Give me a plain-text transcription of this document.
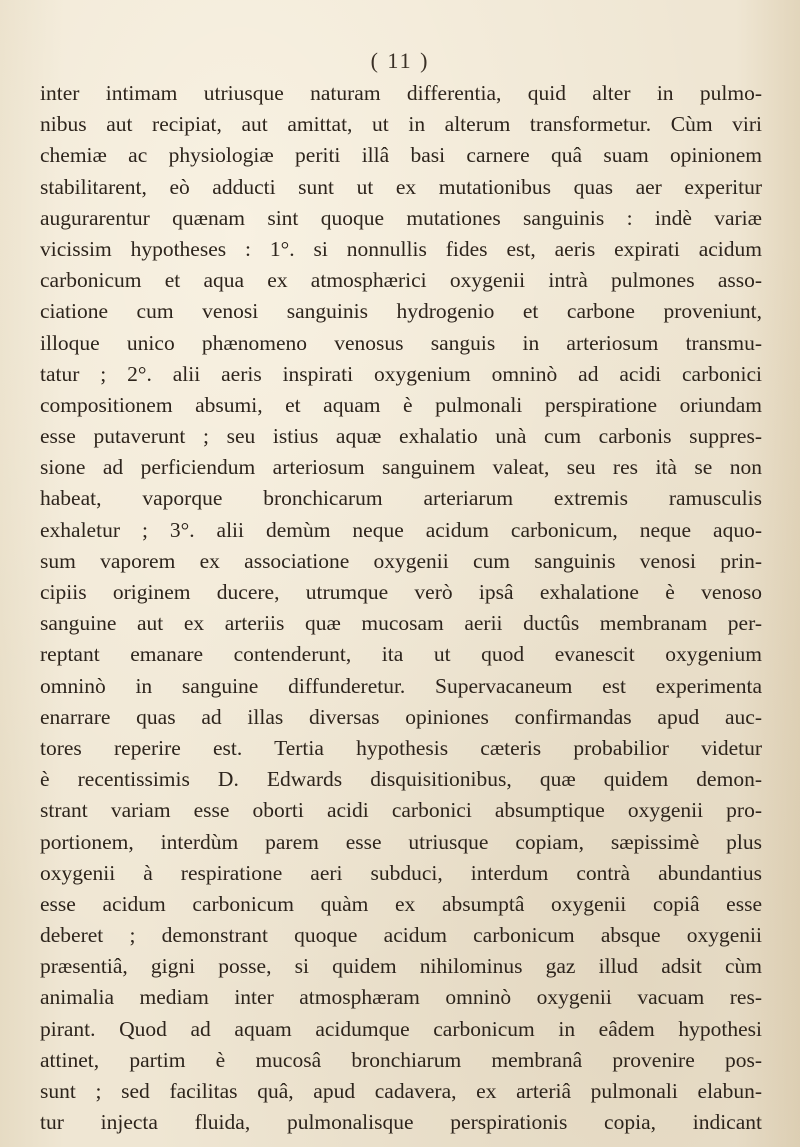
( 11 )
inter intimam utriusque naturam differentia, quid alter in pulmo-
nibus aut recipiat, aut amittat, ut in alterum transformetur. Cùm viri
chemiæ ac physiologiæ periti illâ basi carnere quâ suam opinionem
stabilitarent, eò adducti sunt ut ex mutationibus quas aer experitur
augurarentur quænam sint quoque mutationes sanguinis : indè variæ
vicissim hypotheses : 1°. si nonnullis fides est, aeris expirati acidum
carbonicum et aqua ex atmosphærici oxygenii intrà pulmones asso-
ciatione cum venosi sanguinis hydrogenio et carbone proveniunt,
illoque unico phænomeno venosus sanguis in arteriosum transmu-
tatur ; 2°. alii aeris inspirati oxygenium omninò ad acidi carbonici
compositionem absumi, et aquam è pulmonali perspiratione oriundam
esse putaverunt ; seu istius aquæ exhalatio unà cum carbonis suppres-
sione ad perficiendum arteriosum sanguinem valeat, seu res ità se non
habeat, vaporque bronchicarum arteriarum extremis ramusculis
exhaletur ; 3°. alii demùm neque acidum carbonicum, neque aquo-
sum vaporem ex associatione oxygenii cum sanguinis venosi prin-
cipiis originem ducere, utrumque verò ipsâ exhalatione è venoso
sanguine aut ex arteriis quæ mucosam aerii ductûs membranam per-
reptant emanare contenderunt, ita ut quod evanescit oxygenium
omninò in sanguine diffunderetur. Supervacaneum est experimenta
enarrare quas ad illas diversas opiniones confirmandas apud auc-
tores reperire est. Tertia hypothesis cæteris probabilior videtur
è recentissimis D. Edwards disquisitionibus, quæ quidem demon-
strant variam esse oborti acidi carbonici absumptique oxygenii pro-
portionem, interdùm parem esse utriusque copiam, sæpissimè plus
oxygenii à respiratione aeri subduci, interdum contrà abundantius
esse acidum carbonicum quàm ex absumptâ oxygenii copiâ esse
deberet ; demonstrant quoque acidum carbonicum absque oxygenii
præsentiâ, gigni posse, si quidem nihilominus gaz illud adsit cùm
animalia mediam inter atmosphæram omninò oxygenii vacuam res-
pirant. Quod ad aquam acidumque carbonicum in eâdem hypothesi
attinet, partim è mucosâ bronchiarum membranâ provenire pos-
sunt ; sed facilitas quâ, apud cadavera, ex arteriâ pulmonali elabun-
tur injecta fluida, pulmonalisque perspirationis copia, indicant
